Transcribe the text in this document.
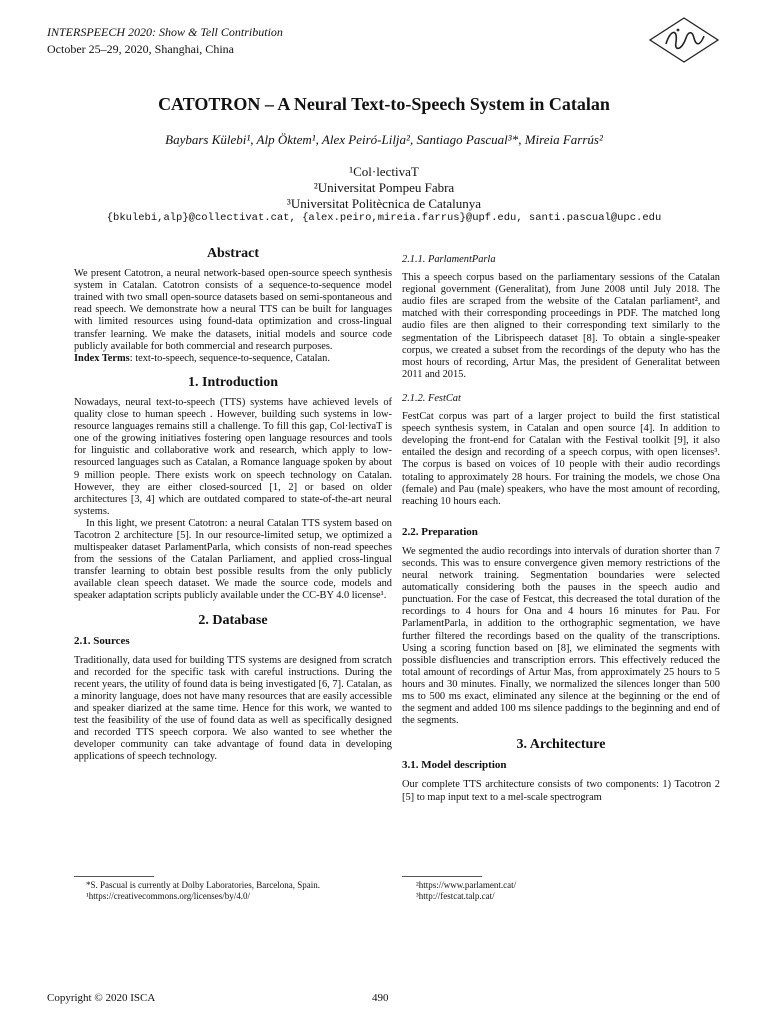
INTERSPEECH 2020: Show & Tell Contribution
October 25–29, 2020, Shanghai, China
CATOTRON – A Neural Text-to-Speech System in Catalan
Baybars Külebi¹, Alp Öktem¹, Alex Peiró-Lilja², Santiago Pascual³*, Mireia Farrús²
¹Col·lectivaT
²Universitat Pompeu Fabra
³Universitat Politècnica de Catalunya
{bkulebi,alp}@collectivat.cat, {alex.peiro,mireia.farrus}@upf.edu, santi.pascual@upc.edu
Abstract

We present Catotron, a neural network-based open-source speech synthesis system in Catalan. Catotron consists of a sequence-to-sequence model trained with two small open-source datasets based on semi-spontaneous and read speech. We demonstrate how a neural TTS can be built for languages with limited resources using found-data optimization and cross-lingual transfer learning. We make the datasets, initial models and source code publicly available for both commercial and research purposes.

Index Terms: text-to-speech, sequence-to-sequence, Catalan.

1. Introduction

Nowadays, neural text-to-speech (TTS) systems have achieved levels of quality close to human speech . However, building such systems in low-resource languages remains still a challenge. To fill this gap, Col·lectivaT is one of the growing initiatives fostering open language resources and tools for linguistic and collaborative work and research, which apply to low-resourced languages such as Catalan, a Romance language spoken by about 9 million people. There exists work on speech technology on Catalan. However, they are either closed-sourced [1, 2] or based on older architectures [3, 4] which are outdated compared to state-of-the-art neural systems.

In this light, we present Catotron: a neural Catalan TTS system based on Tacotron 2 architecture [5]. In our resource-limited setup, we optimized a multispeaker dataset ParlamentParla, which consists of non-read speeches from the sessions of the Catalan Parliament, and applied cross-lingual transfer learning to obtain best possible results from the only publicly available clean speech dataset. We made the source code, models and speaker adaptation scripts publicly available under the CC-BY 4.0 license¹.

2. Database
2.1. Sources

Traditionally, data used for building TTS systems are designed from scratch and recorded for the specific task with careful instructions. During the recent years, the utility of found data is being investigated [6, 7]. Catalan, as a minority language, does not have many resources that are easily accessible and speaker diarized at the same time. Hence for this work, we wanted to test the feasibility of the use of found data as well as specifically designed and recorded TTS speech corpora. We also wanted to see whether the developer community can take advantage of found data in developing applications of speech technology.

*S. Pascual is currently at Dolby Laboratories, Barcelona, Spain.
¹https://creativecommons.org/licenses/by/4.0/
2.1.1. ParlamentParla

This a speech corpus based on the parliamentary sessions of the Catalan regional government (Generalitat), from June 2008 until July 2018. The audio files are scraped from the website of the Catalan parliament², and matched with their corresponding proceedings in PDF. The matched long audio files are then aligned to their corresponding text similarly to the segmentation of the Librispeech dataset [8]. To obtain a single-speaker corpus, we created a subset from the recordings of the deputy who has the most hours of recording, Artur Mas, the president of Generalitat between 2011 and 2015.

2.1.2. FestCat

FestCat corpus was part of a larger project to build the first statistical speech synthesis system, in Catalan and open source [4]. In addition to developing the front-end for Catalan with the Festival toolkit [9], it also entailed the design and recording of a speech corpus, with open licenses³. The corpus is based on voices of 10 people with their audio recordings totaling to approximately 28 hours. For training the models, we chose Ona (female) and Pau (male) speakers, who have the most amount of recording, reaching 10 hours each.

2.2. Preparation

We segmented the audio recordings into intervals of duration shorter than 7 seconds. This was to ensure convergence given memory restrictions of the neural network training. Segmentation boundaries were selected automatically considering both the pauses in the speech audio and punctuation. For the case of Festcat, this decreased the total duration of the recordings to 4 hours for Ona and 4 hours 16 minutes for Pau. For ParlamentParla, in addition to the orthographic segmentation, we have further filtered the recordings based on the quality of the transcriptions. Using a scoring function based on [8], we eliminated the segments with possible disfluencies and transcription errors. This effectively reduced the total amount of recordings of Artur Mas, from approximately 25 hours to 5 hours and 30 minutes. Finally, we normalized the silences longer than 500 ms to 500 ms exact, eliminated any silence at the beginning or the end of the segment and added 100 ms silence paddings to the beginning and end of the segments.

3. Architecture
3.1. Model description

Our complete TTS architecture consists of two components: 1) Tacotron 2 [5] to map input text to a mel-scale spectrogram

²https://www.parlament.cat/
³http://festcat.talp.cat/
Copyright © 2020 ISCA	490
